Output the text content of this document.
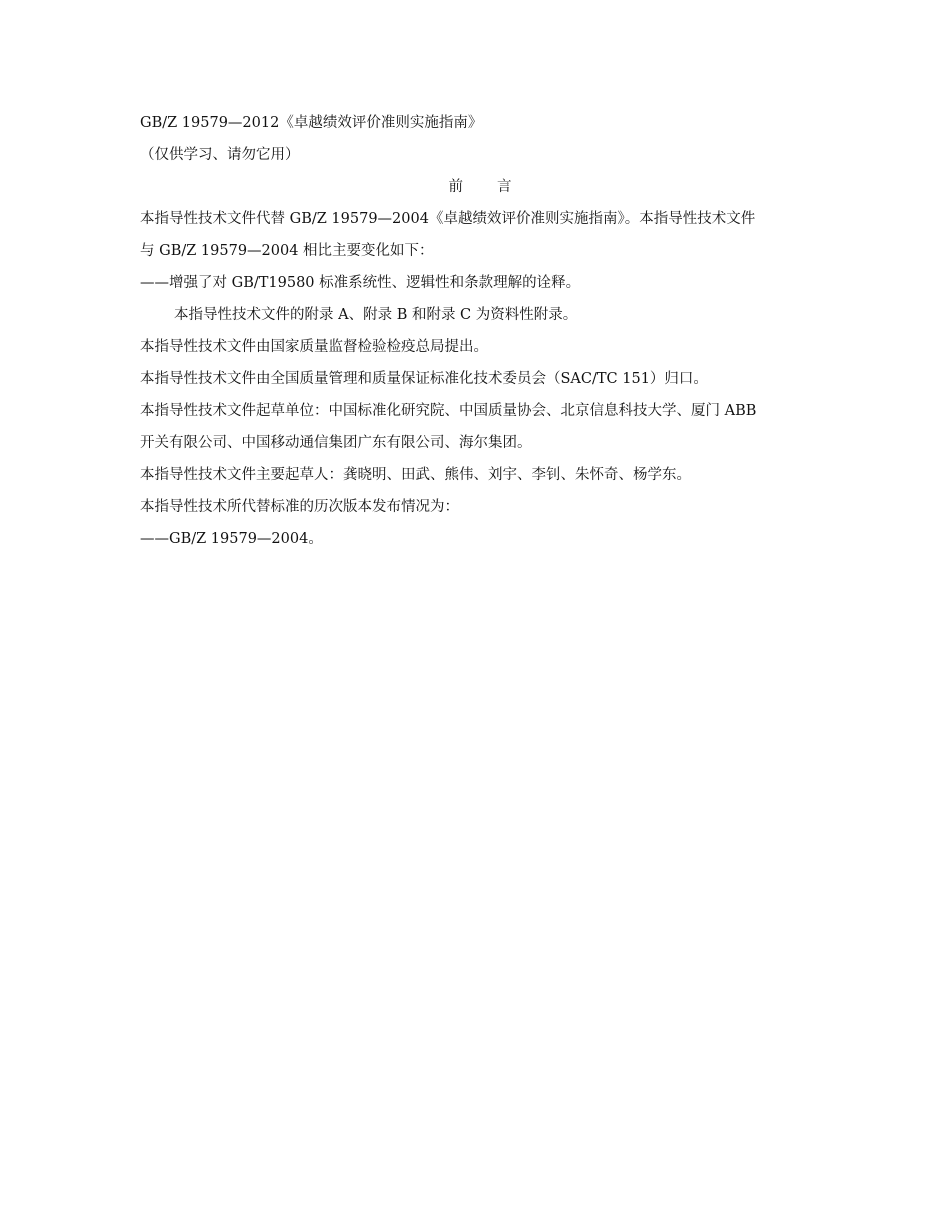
GB/Z 19579—2012《卓越绩效评价准则实施指南》

（仅供学习、请勿它用）

前言

本指导性技术文件代替 GB/Z 19579—2004《卓越绩效评价准则实施指南》。本指导性技术文件

与 GB/Z 19579—2004 相比主要变化如下：

——增强了对 GB/T19580 标准系统性、逻辑性和条款理解的诠释。

本指导性技术文件的附录 A、附录 B 和附录 C 为资料性附录。

本指导性技术文件由国家质量监督检验检疫总局提出。

本指导性技术文件由全国质量管理和质量保证标准化技术委员会（SAC/TC 151）归口。

本指导性技术文件起草单位：中国标准化研究院、中国质量协会、北京信息科技大学、厦门 ABB

开关有限公司、中国移动通信集团广东有限公司、海尔集团。

本指导性技术文件主要起草人：龚晓明、田武、熊伟、刘宇、李钊、朱怀奇、杨学东。

本指导性技术所代替标准的历次版本发布情况为：

——GB/Z 19579—2004。
